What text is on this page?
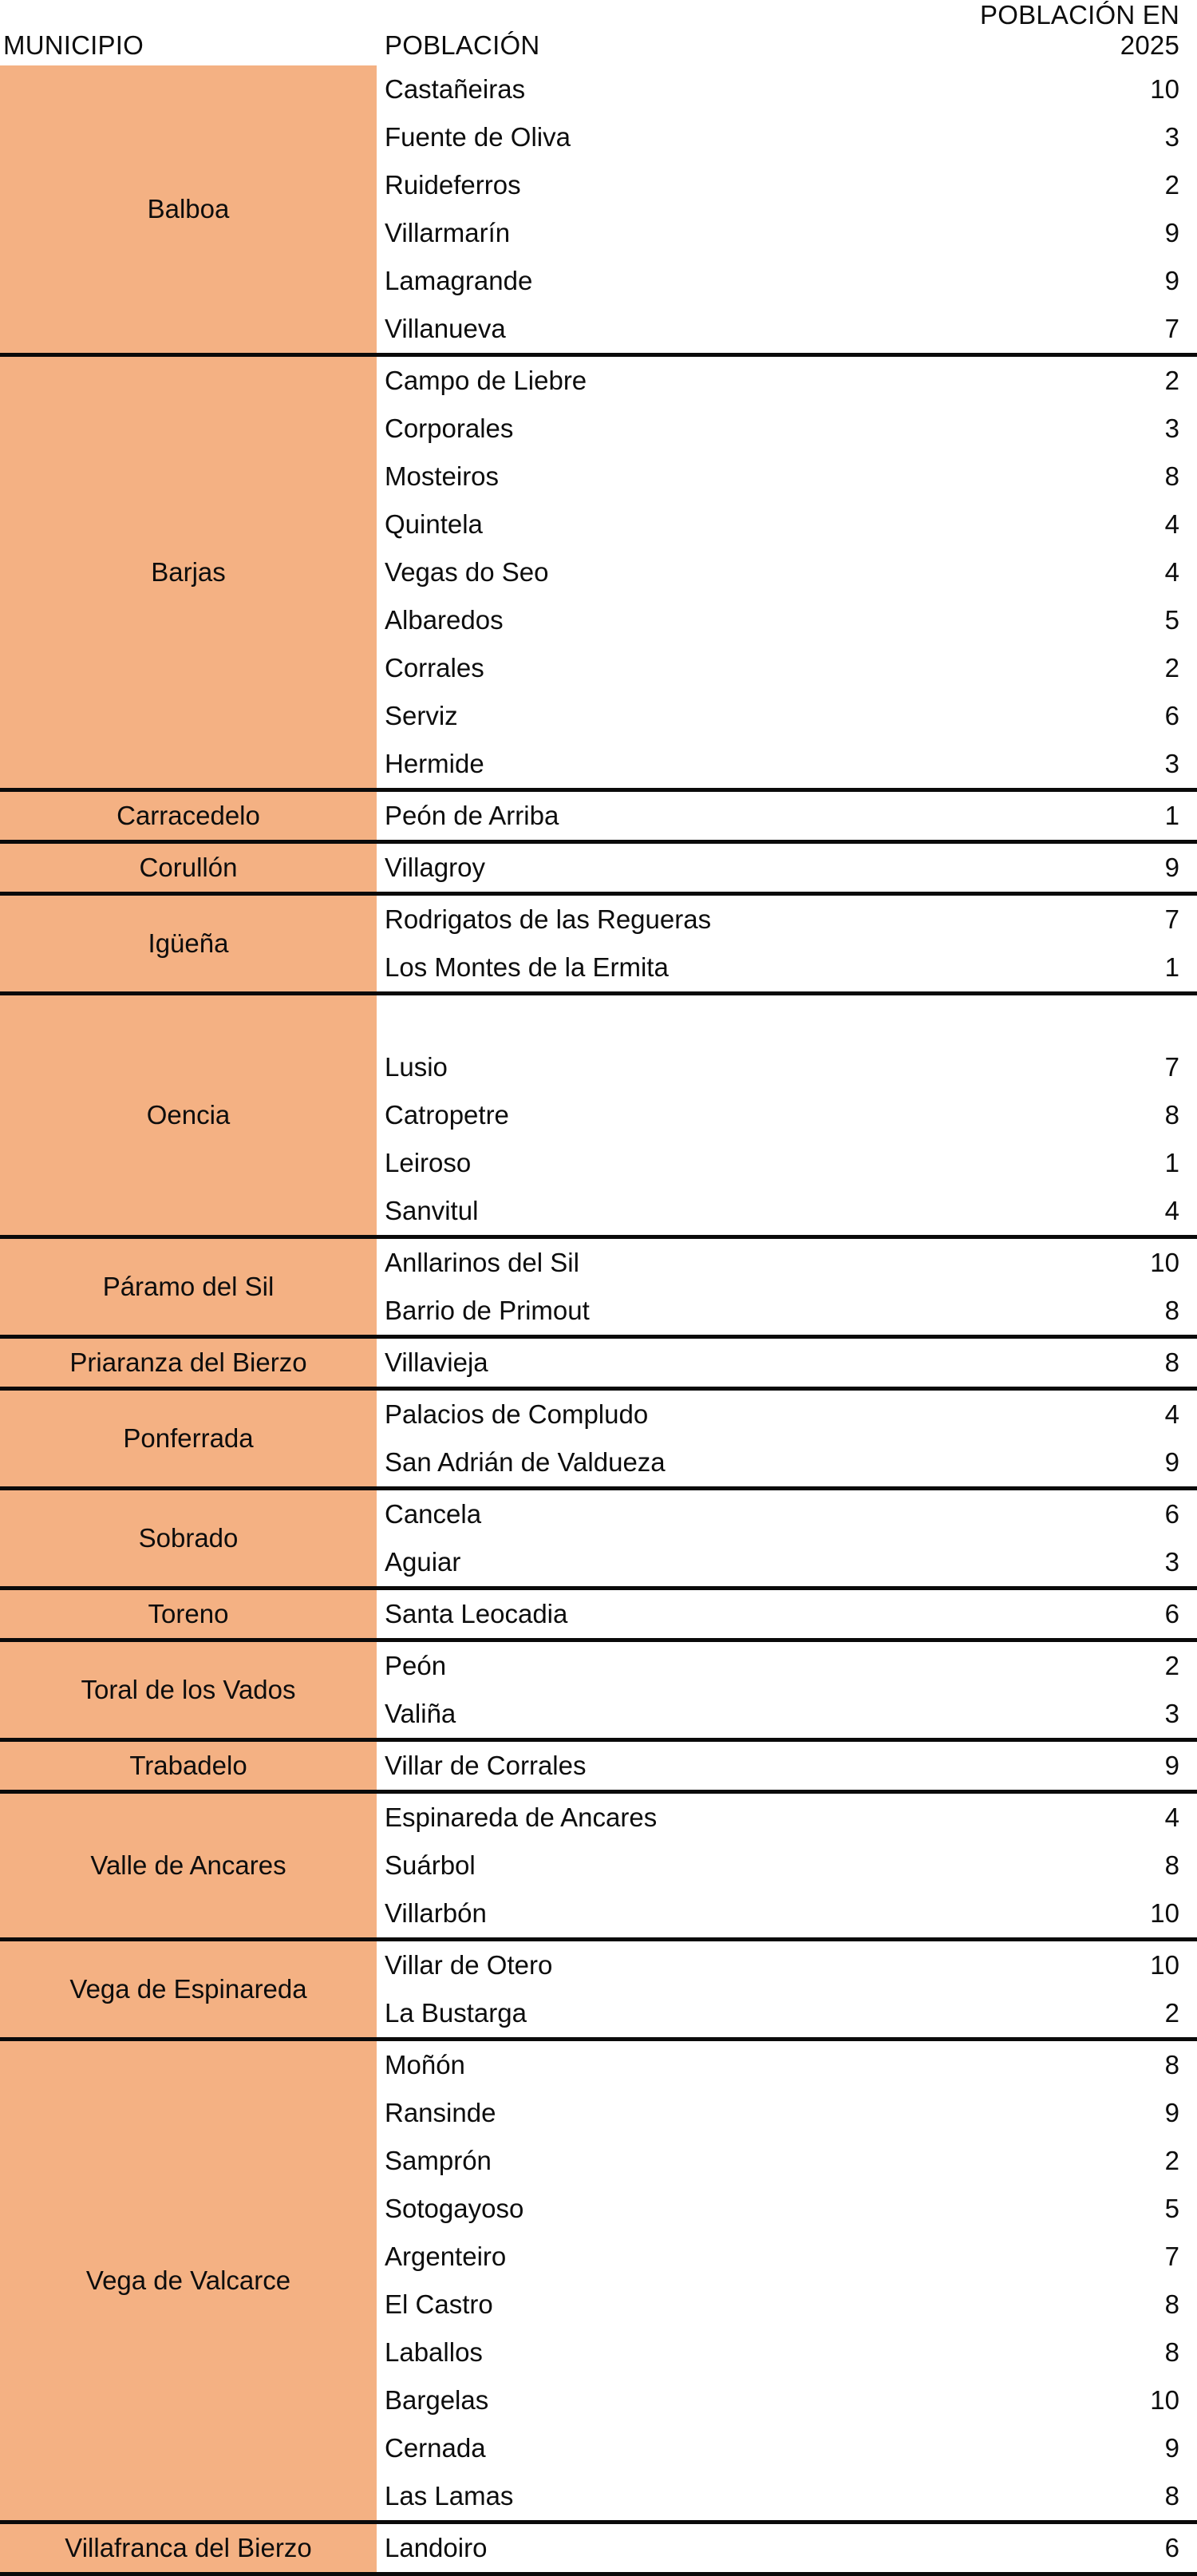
MUNICIPIO	POBLACIÓN	POBLACIÓN EN 2025
Balboa	Castañeiras	10
	Fuente de Oliva	3
	Ruideferros	2
	Villarmarín	9
	Lamagrande	9
	Villanueva	7
Barjas	Campo de Liebre	2
	Corporales	3
	Mosteiros	8
	Quintela	4
	Vegas do Seo	4
	Albaredos	5
	Corrales	2
	Serviz	6
	Hermide	3
Carracedelo	Peón de Arriba	1
Corullón	Villagroy	9
Igüeña	Rodrigatos de las Regueras	7
	Los Montes de la Ermita	1
Oencia		
	Lusio	7
	Catropetre	8
	Leiroso	1
	Sanvitul	4
Páramo del Sil	Anllarinos del Sil	10
	Barrio de Primout	8
Priaranza del Bierzo	Villavieja	8
Ponferrada	Palacios de Compludo	4
	San Adrián de Valdueza	9
Sobrado	Cancela	6
	Aguiar	3
Toreno	Santa Leocadia	6
Toral de los Vados	Peón	2
	Valiña	3
Trabadelo	Villar de Corrales	9
Valle de Ancares	Espinareda de Ancares	4
	Suárbol	8
	Villarbón	10
Vega de Espinareda	Villar de Otero	10
	La Bustarga	2
Vega de Valcarce	Moñón	8
	Ransinde	9
	Samprón	2
	Sotogayoso	5
	Argenteiro	7
	El Castro	8
	Laballos	8
	Bargelas	10
	Cernada	9
	Las Lamas	8
Villafranca del Bierzo	Landoiro	6
